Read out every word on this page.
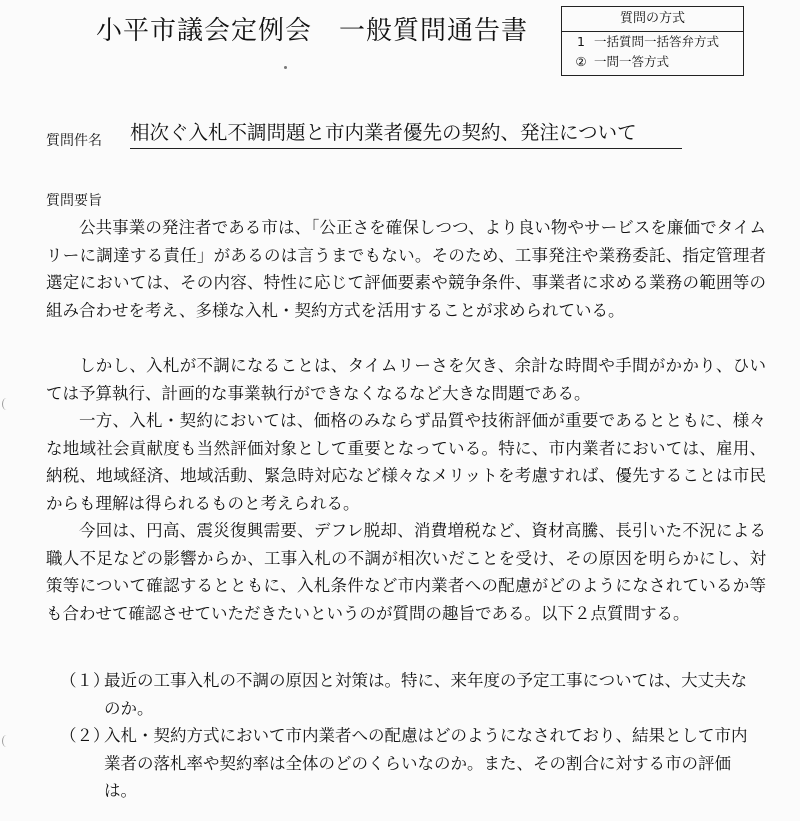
小平市議会定例会　一般質問通告書	質問の方式
1 一括質問一括答弁方式
② 一問一答方式
質問件名 相次ぐ入札不調問題と市内業者優先の契約、発注について
質問要旨

公共事業の発注者である市は、「公正さを確保しつつ、より良い物やサービスを廉価でタイムリーに調達する責任」があるのは言うまでもない。そのため、工事発注や業務委託、指定管理者選定においては、その内容、特性に応じて評価要素や競争条件、事業者に求める業務の範囲等の組み合わせを考え、多様な入札・契約方式を活用することが求められている。

しかし、入札が不調になることは、タイムリーさを欠き、余計な時間や手間がかかり、ひいては予算執行、計画的な事業執行ができなくなるなど大きな問題である。

一方、入札・契約においては、価格のみならず品質や技術評価が重要であるとともに、様々な地域社会貢献度も当然評価対象として重要となっている。特に、市内業者においては、雇用、納税、地域経済、地域活動、緊急時対応など様々なメリットを考慮すれば、優先することは市民からも理解は得られるものと考えられる。

今回は、円高、震災復興需要、デフレ脱却、消費増税など、資材高騰、長引いた不況による職人不足などの影響からか、工事入札の不調が相次いだことを受け、その原因を明らかにし、対策等について確認するとともに、入札条件など市内業者への配慮がどのようになされているか等も合わせて確認させていただきたいというのが質問の趣旨である。以下２点質問する。

（１）
最近の工事入札の不調の原因と対策は。特に、来年度の予定工事については、大丈夫なのか。
（２）
入札・契約方式において市内業者への配慮はどのようになされており、結果として市内業者の落札率や契約率は全体のどのくらいなのか。また、その割合に対する市の評価は。
